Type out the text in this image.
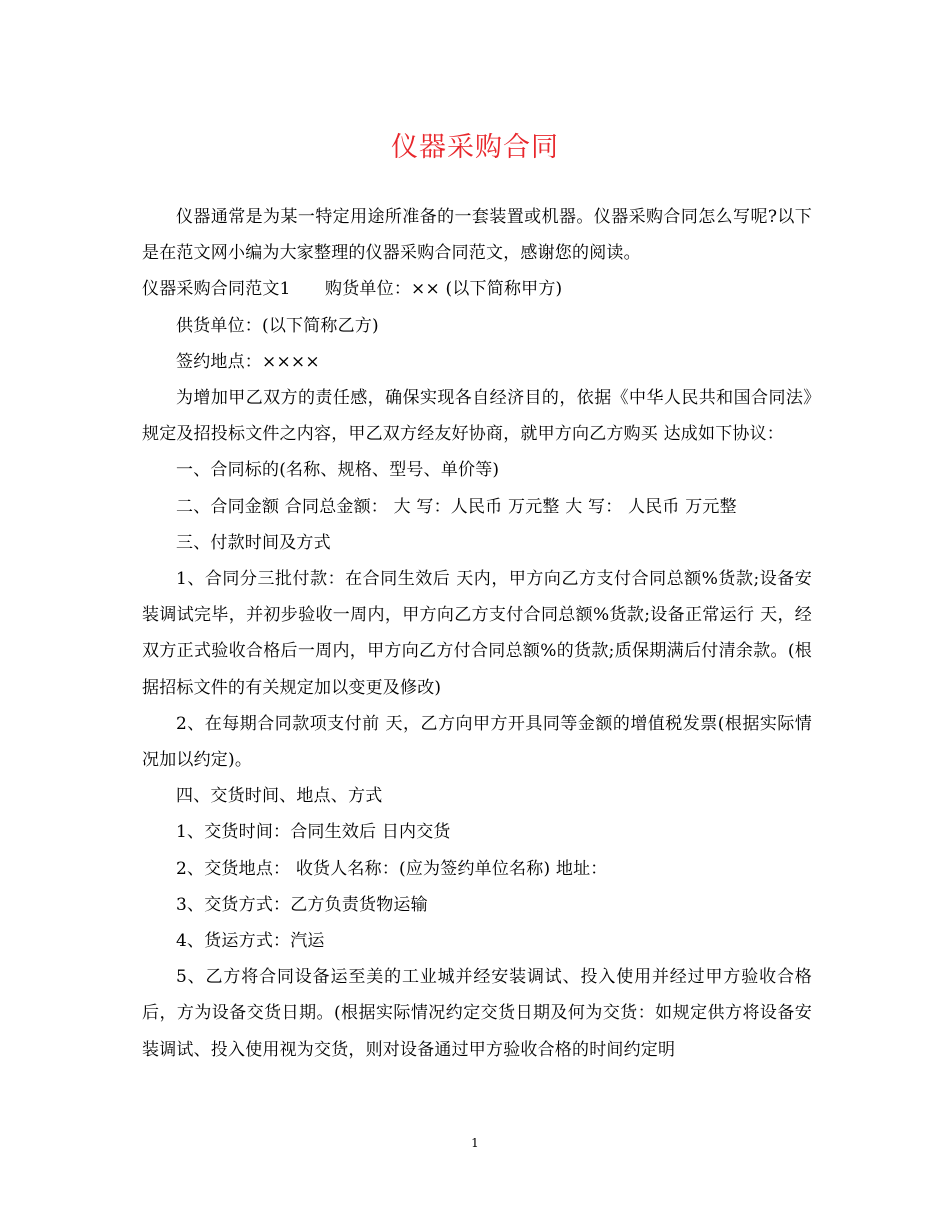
仪器采购合同

仪器通常是为某一特定用途所准备的一套装置或机器。仪器采购合同怎么写呢?以下是在范文网小编为大家整理的仪器采购合同范文，感谢您的阅读。

仪器采购合同范文1　　购货单位：×× (以下简称甲方)

供货单位：(以下简称乙方)

签约地点：××××

为增加甲乙双方的责任感，确保实现各自经济目的，依据《中华人民共和国合同法》规定及招投标文件之内容，甲乙双方经友好协商，就甲方向乙方购买 达成如下协议：

一、合同标的(名称、规格、型号、单价等)

二、合同金额 合同总金额： 大 写：人民币 万元整 大 写： 人民币 万元整

三、付款时间及方式

1、合同分三批付款：在合同生效后 天内，甲方向乙方支付合同总额%货款;设备安装调试完毕，并初步验收一周内，甲方向乙方支付合同总额%货款;设备正常运行 天，经双方正式验收合格后一周内，甲方向乙方付合同总额%的货款;质保期满后付清余款。(根据招标文件的有关规定加以变更及修改)

2、在每期合同款项支付前 天，乙方向甲方开具同等金额的增值税发票(根据实际情况加以约定)。

四、交货时间、地点、方式

1、交货时间：合同生效后 日内交货

2、交货地点： 收货人名称：(应为签约单位名称) 地址：

3、交货方式：乙方负责货物运输

4、货运方式：汽运

5、乙方将合同设备运至美的工业城并经安装调试、投入使用并经过甲方验收合格后，方为设备交货日期。(根据实际情况约定交货日期及何为交货：如规定供方将设备安装调试、投入使用视为交货，则对设备通过甲方验收合格的时间约定明

1
